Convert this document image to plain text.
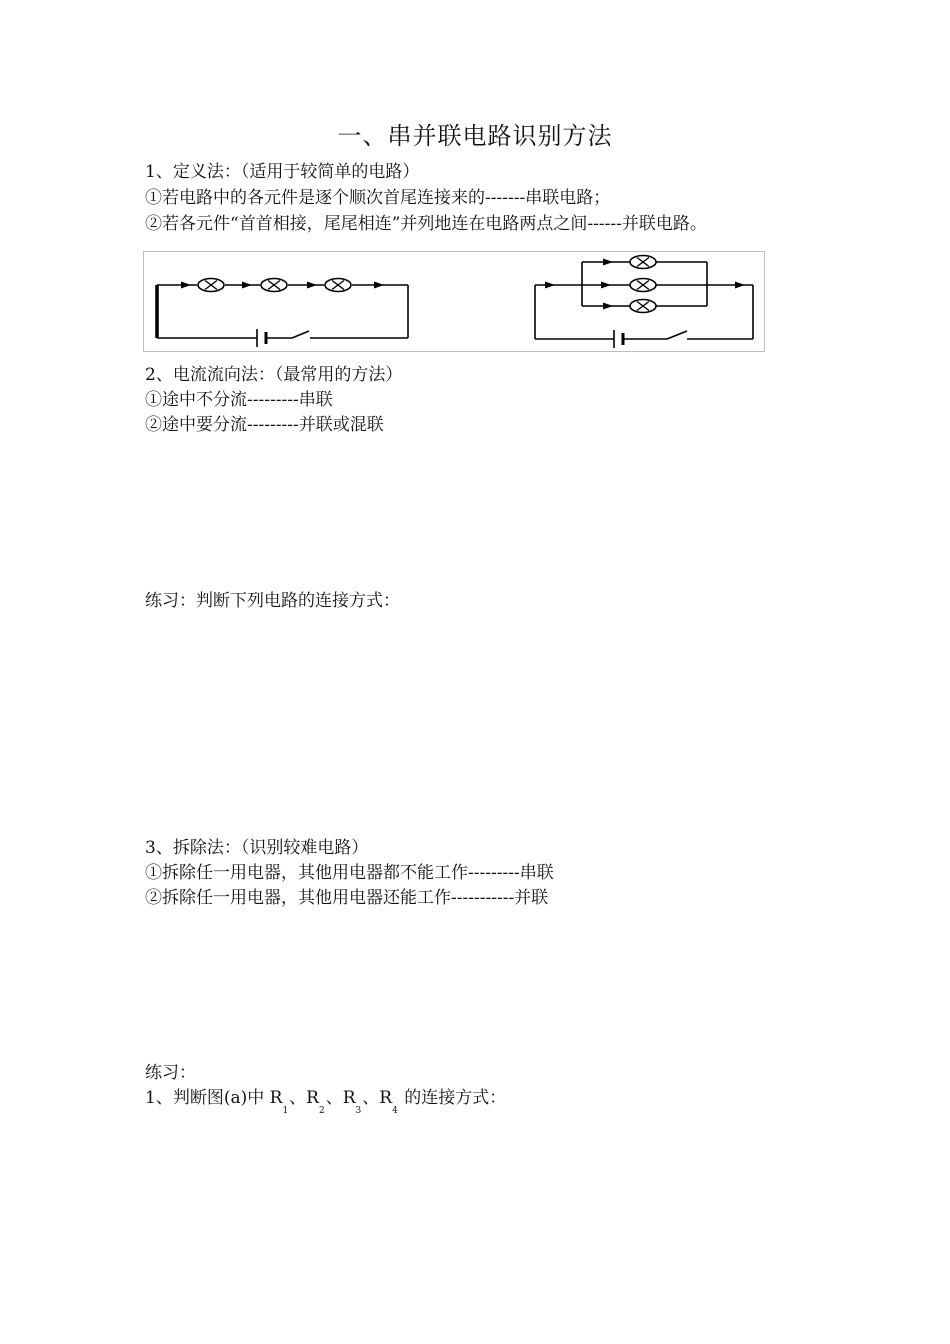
一、串并联电路识别方法
1、定义法：（适用于较简单的电路）
①若电路中的各元件是逐个顺次首尾连接来的-------串联电路；
②若各元件“首首相接，尾尾相连”并列地连在电路两点之间------并联电路。
2、电流流向法：（最常用的方法）
①途中不分流---------串联
②途中要分流---------并联或混联
练习：判断下列电路的连接方式：
3、拆除法：（识别较难电路）
①拆除任一用电器，其他用电器都不能工作---------串联
②拆除任一用电器，其他用电器还能工作-----------并联
练习：
1、判断图(a)中 $R_1$、$R_2$、$R_3$、$R_4$ 的连接方式：
